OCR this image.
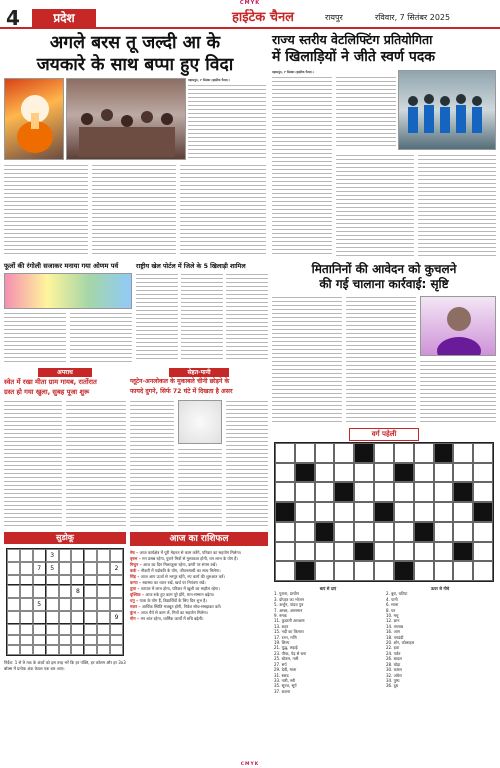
CMYK
4	प्रदेश	हाईटेक चैनल	रायपुर	रविवार, 7 सितंबर 2025
अगले बरस तू जल्दी आ के
जयकारे के साथ बप्पा हुए विदा
महासमुंद, 7 सितंबर (हाईटेक चैनल)।
राज्य स्तरीय वेटलिफ्टिंग प्रतियोगिता
में खिलाड़ियों ने जीते स्वर्ण पदक
महासमुंद, 7 सितंबर (हाईटेक चैनल)।
फूलों की रंगोली सजाकर मनाया गया ओणम पर्व	राष्ट्रीय खेल पोर्टल में जिले के 5 खिलाड़ी शामिल	मितानिनों की आवेदन को कुचलने
की गई चालाना कार्रवाई: सृष्टि
अपराध
स्वेत में रखा मीता ग्राम गायब, रातोंरात
ग्रस्त हो गया खुला, सुबह पूजा शुरू
सेहत-पानी
ग्लूटेन-अनलोकल के मुकाबले चीनी छोड़ने के
फायदे दुगने, सिर्फ 72 घंटे में दिखता है असर
वर्ग पहेली
बाएं से दाएं
1. पुराना, प्राचीन
3. दोपहर का भोजन
5. अर्जुन, पांडव पुत्र
7. अम्बर, आसमान
9. नमक
11. कुदरती आरक्षण
13. शहर
15. नदी का किनारा
17. रतन, मणि
19. शिल्प
21. युद्ध, लड़ाई
23. पौधा, पेड़ से बना
25. बोतल, नली
27. सर्प
29. देवी, माता
31. स्वाद
33. नारी, स्त्री
35. सूरज, सूर्य
37. बजना
ऊपर से नीचे
2. बुरा, घटिया
4. पानी
6. माला
8. घर
10. मधु
12. ज्ञान
14. तालाब
16. आग
18. पगडंडी
20. शोर, कोलाहल
22. हवा
24. पर्वत
26. बादल
28. घोड़ा
30. कमल
32. अंधेरा
34. पुष्प
36. दूध
सुडोकू
3
7	5	2
8
5
9
निर्देश: 1 से 9 तक के अंकों को इस तरह भरें कि हर पंक्ति, हर कॉलम और हर 3x3 बॉक्स में प्रत्येक अंक केवल एक बार आए।
आज का राशिफल
मेष – आज कार्यक्षेत्र में पूरी मेहनत से काम करेंगे, परिवार का सहयोग मिलेगा।
वृषभ – मन प्रसन्न रहेगा, पुराने मित्रों से मुलाकात होगी, धन लाभ के योग हैं।
मिथुन – आज का दिन मिलाजुला रहेगा, वाणी पर संयम रखें।
कर्क – नौकरी में पदोन्नति के योग, जीवनसाथी का साथ मिलेगा।
सिंह – आज आप ऊर्जा से भरपूर रहेंगे, नए कार्य की शुरुआत करें।
कन्या – स्वास्थ्य का ध्यान रखें, खर्च पर नियंत्रण रखें।
तुला – व्यापार में लाभ होगा, परिवार में खुशी का माहौल रहेगा।
वृश्चिक – आज रुके हुए काम पूरे होंगे, मान-सम्मान बढ़ेगा।
धनु – यात्रा के योग हैं, विद्यार्थियों के लिए दिन शुभ है।
मकर – आर्थिक स्थिति मजबूत होगी, निवेश सोच-समझकर करें।
कुंभ – आज धैर्य से काम लें, मित्रों का सहयोग मिलेगा।
मीन – मन शांत रहेगा, धार्मिक कार्यों में रुचि बढ़ेगी।
CMYK
